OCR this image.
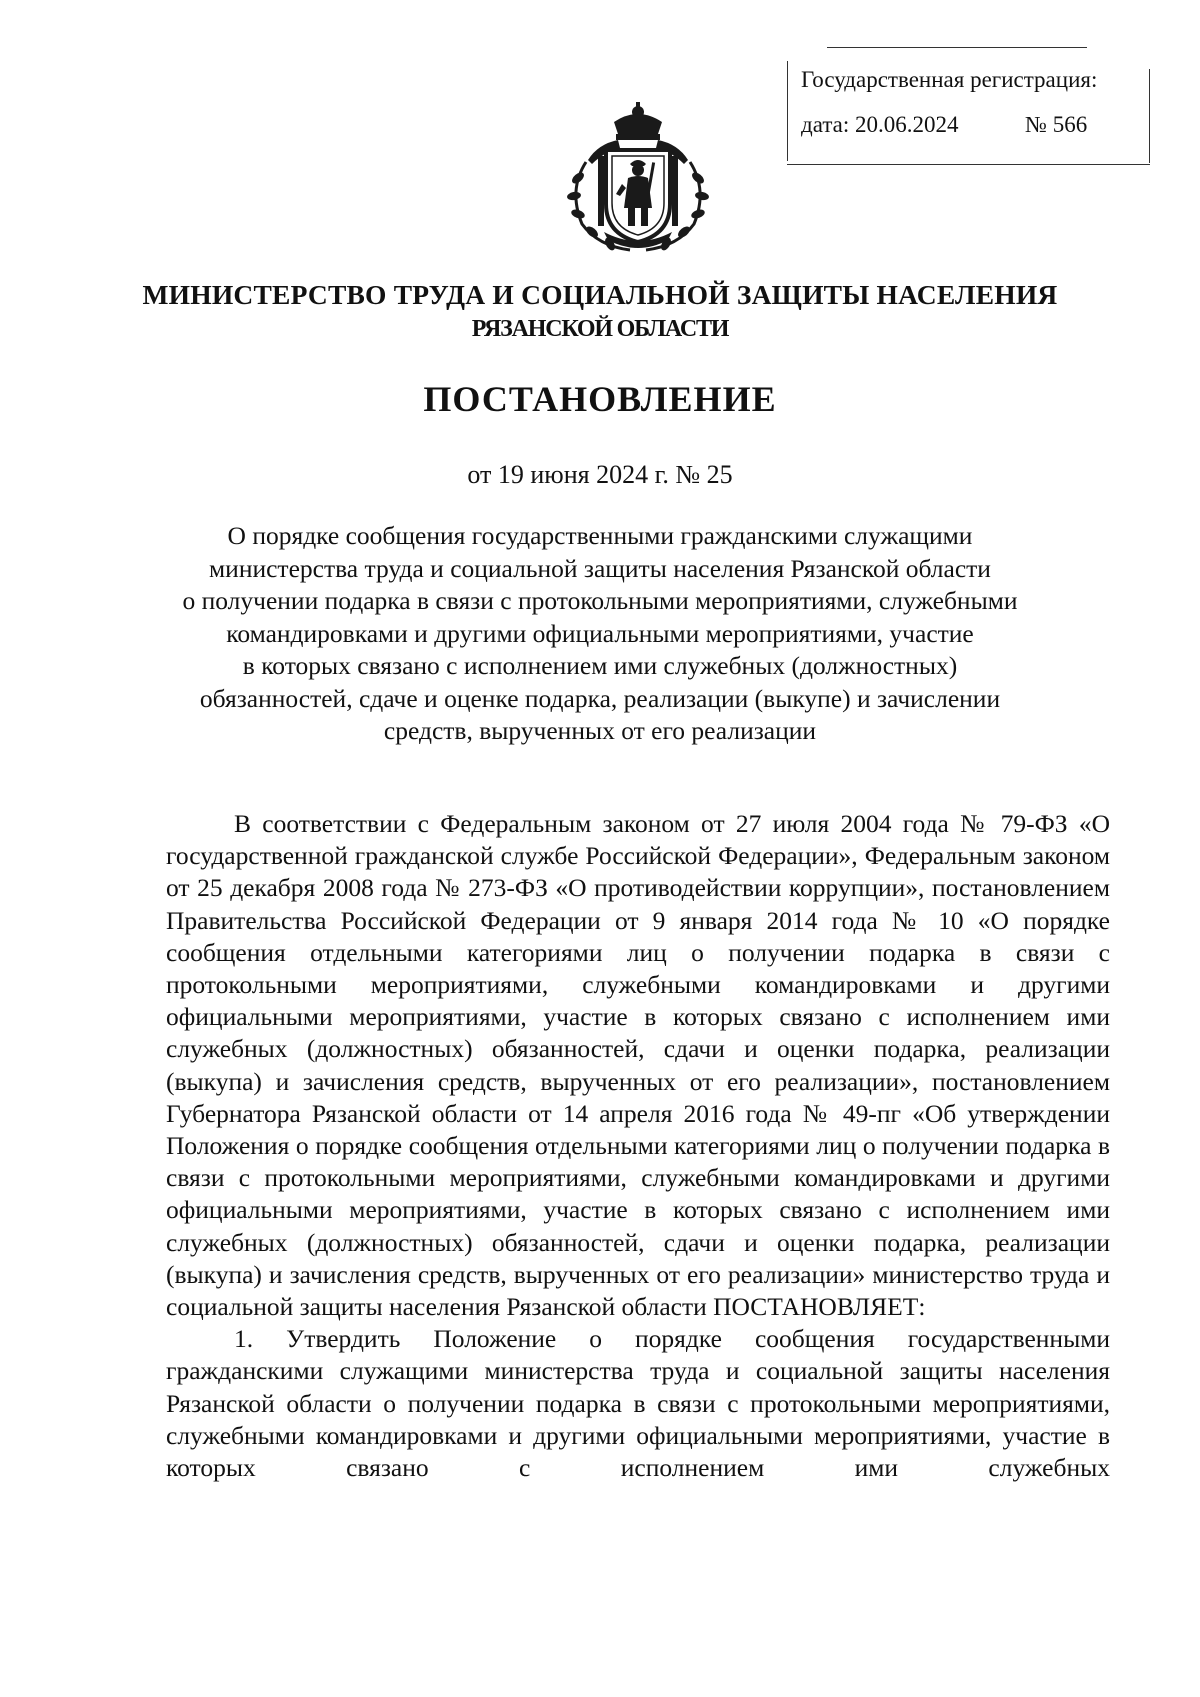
Государственная регистрация:
дата: 20.06.2024	№ 566
МИНИСТЕРСТВО ТРУДА И СОЦИАЛЬНОЙ ЗАЩИТЫ НАСЕЛЕНИЯ
РЯЗАНСКОЙ ОБЛАСТИ
ПОСТАНОВЛЕНИЕ
от 19 июня 2024 г. № 25
О порядке сообщения государственными гражданскими служащими
министерства труда и социальной защиты населения Рязанской области
о получении подарка в связи с протокольными мероприятиями, служебными
командировками и другими официальными мероприятиями, участие
в которых связано с исполнением ими служебных (должностных)
обязанностей, сдаче и оценке подарка, реализации (выкупе) и зачислении
средств, вырученных от его реализации

В соответствии с Федеральным законом от 27 июля 2004 года № 79-ФЗ «О государственной гражданской службе Российской Федерации», Федеральным законом от 25 декабря 2008 года № 273-ФЗ «О противодействии коррупции», постановлением Правительства Российской Федерации от 9 января 2014 года № 10 «О порядке сообщения отдельными категориями лиц о получении подарка в связи с протокольными мероприятиями, служебными командировками и другими официальными мероприятиями, участие в которых связано с исполнением ими служебных (должностных) обязанностей, сдачи и оценки подарка, реализации (выкупа) и зачисления средств, вырученных от его реализации», постановлением Губернатора Рязанской области от 14 апреля 2016 года № 49-пг «Об утверждении Положения о порядке сообщения отдельными категориями лиц о получении подарка в связи с протокольными мероприятиями, служебными командировками и другими официальными мероприятиями, участие в которых связано с исполнением ими служебных (должностных) обязанностей, сдачи и оценки подарка, реализации (выкупа) и зачисления средств, вырученных от его реализации» министерство труда и социальной защиты населения Рязанской области ПОСТАНОВЛЯЕТ:

1. Утвердить Положение о порядке сообщения государственными гражданскими служащими министерства труда и социальной защиты населения Рязанской области о получении подарка в связи с протокольными мероприятиями, служебными командировками и другими официальными мероприятиями, участие в которых связано с исполнением ими служебных
